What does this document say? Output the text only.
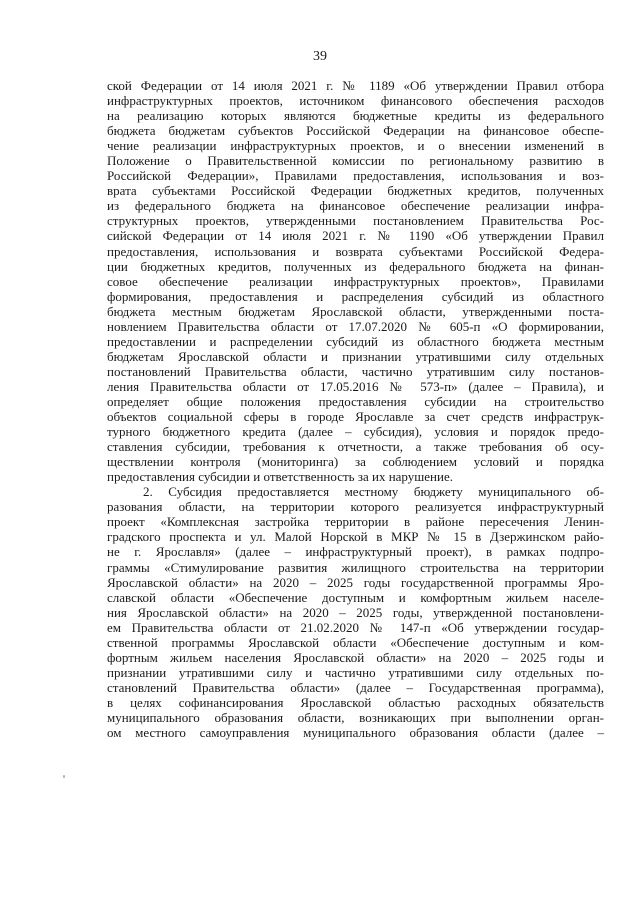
39
ской Федерации от 14 июля 2021 г. № 1189 «Об утверждении Правил отбора
инфраструктурных проектов, источником финансового обеспечения расходов
на реализацию которых являются бюджетные кредиты из федерального
бюджета бюджетам субъектов Российской Федерации на финансовое обеспе-
чение реализации инфраструктурных проектов, и о внесении изменений в
Положение о Правительственной комиссии по региональному развитию в
Российской Федерации», Правилами предоставления, использования и воз-
врата субъектами Российской Федерации бюджетных кредитов, полученных
из федерального бюджета на финансовое обеспечение реализации инфра-
структурных проектов, утвержденными постановлением Правительства Рос-
сийской Федерации от 14 июля 2021 г. № 1190 «Об утверждении Правил
предоставления, использования и возврата субъектами Российской Федера-
ции бюджетных кредитов, полученных из федерального бюджета на финан-
совое обеспечение реализации инфраструктурных проектов», Правилами
формирования, предоставления и распределения субсидий из областного
бюджета местным бюджетам Ярославской области, утвержденными поста-
новлением Правительства области от 17.07.2020 № 605-п «О формировании,
предоставлении и распределении субсидий из областного бюджета местным
бюджетам Ярославской области и признании утратившими силу отдельных
постановлений Правительства области, частично утратившим силу постанов-
ления Правительства области от 17.05.2016 № 573-п» (далее – Правила), и
определяет общие положения предоставления субсидии на строительство
объектов социальной сферы в городе Ярославле за счет средств инфраструк-
турного бюджетного кредита (далее – субсидия), условия и порядок предо-
ставления субсидии, требования к отчетности, а также требования об осу-
ществлении контроля (мониторинга) за соблюдением условий и порядка
предоставления субсидии и ответственность за их нарушение.
2. Субсидия предоставляется местному бюджету муниципального об-
разования области, на территории которого реализуется инфраструктурный
проект «Комплексная застройка территории в районе пересечения Ленин-
градского проспекта и ул. Малой Норской в МКР № 15 в Дзержинском райо-
не г. Ярославля» (далее – инфраструктурный проект), в рамках подпро-
граммы «Стимулирование развития жилищного строительства на территории
Ярославской области» на 2020 – 2025 годы государственной программы Яро-
славской области «Обеспечение доступным и комфортным жильем населе-
ния Ярославской области» на 2020 – 2025 годы, утвержденной постановлени-
ем Правительства области от 21.02.2020 № 147-п «Об утверждении государ-
ственной программы Ярославской области «Обеспечение доступным и ком-
фортным жильем населения Ярославской области» на 2020 – 2025 годы и
признании утратившими силу и частично утратившими силу отдельных по-
становлений Правительства области» (далее – Государственная программа),
в целях софинансирования Ярославской областью расходных обязательств
муниципального образования области, возникающих при выполнении орган-
ом местного самоуправления муниципального образования области (далее –
